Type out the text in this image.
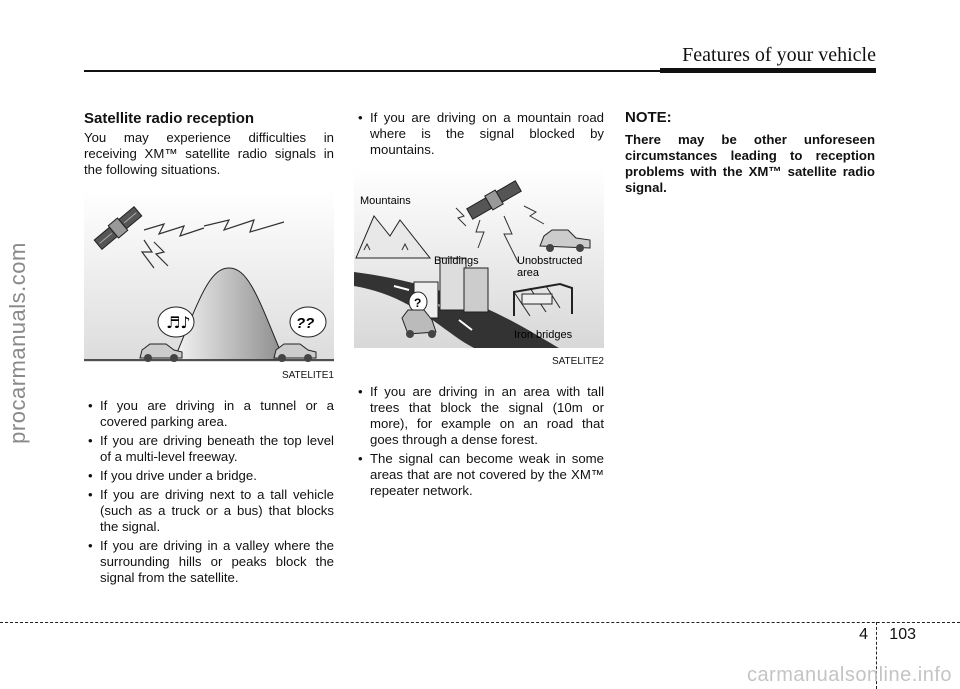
procarmanuals.com
Features of your vehicle
Satellite radio reception

You may experience difficulties in receiving XM™ satellite radio signals in the following situations.

♬♪	??
SATELITE1
• If you are driving in a tunnel or a covered parking area.
• If you are driving beneath the top level of a multi-level freeway.
• If you drive under a bridge.
• If you are driving next to a tall vehicle (such as a truck or a bus) that blocks the signal.
• If you are driving in a valley where the surrounding hills or peaks block the signal from the satellite.
• If you are driving on a mountain road where is the signal blocked by mountains.
Mountains
Unobstructed
area
Buildings
Iron bridges
?
SATELITE2
• If you are driving in an area with tall trees that block the signal (10m or more), for example on an road that goes through a dense forest.
• The signal can become weak in some areas that are not covered by the XM™ repeater network.
NOTE:

There may be other unforeseen circumstances leading to reception problems with the XM™ satellite radio signal.

4 103
carmanualsonline.info
